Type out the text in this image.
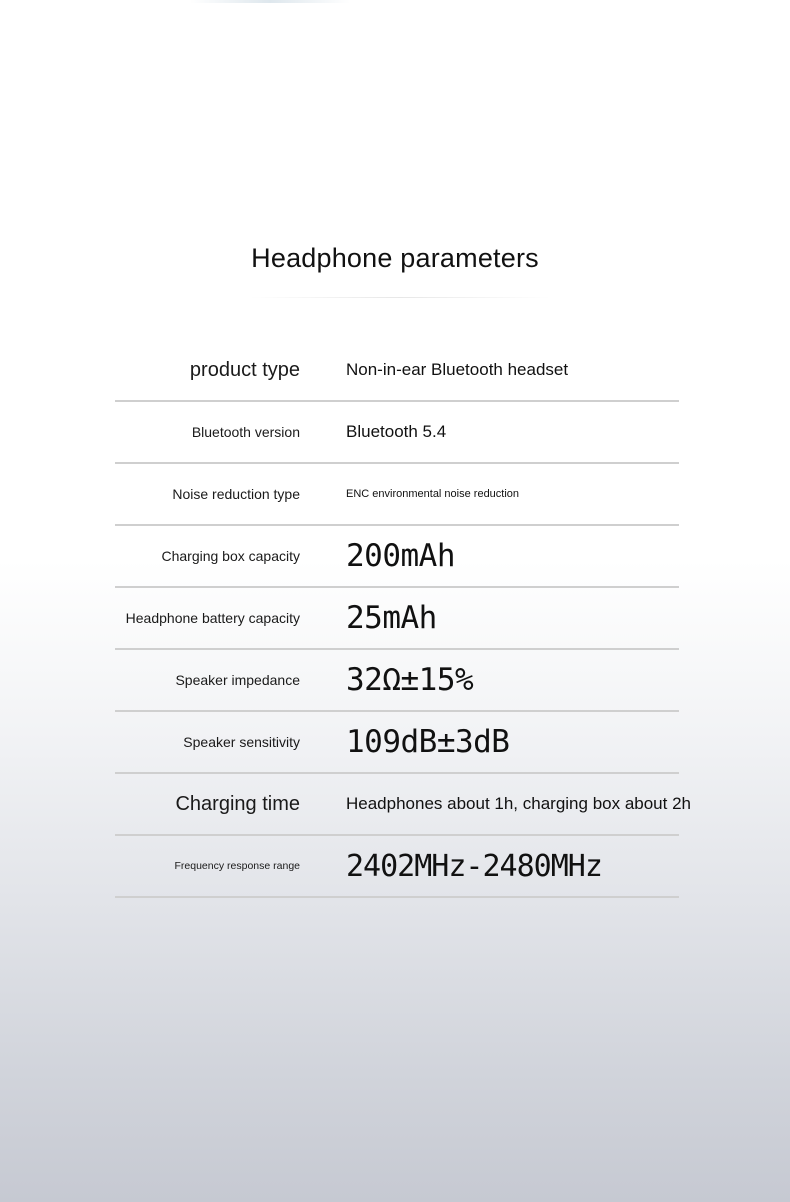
Headphone parameters
product type	Non-in-ear Bluetooth headset
Bluetooth version	Bluetooth 5.4
Noise reduction type	ENC environmental noise reduction
Charging box capacity 200mAh
Headphone battery capacity 25mAh
Speaker impedance 32Ω±15%
Speaker sensitivity 109dB±3dB
Charging time	Headphones about 1h, charging box about 2h
Frequency response range 2402MHz-2480MHz
